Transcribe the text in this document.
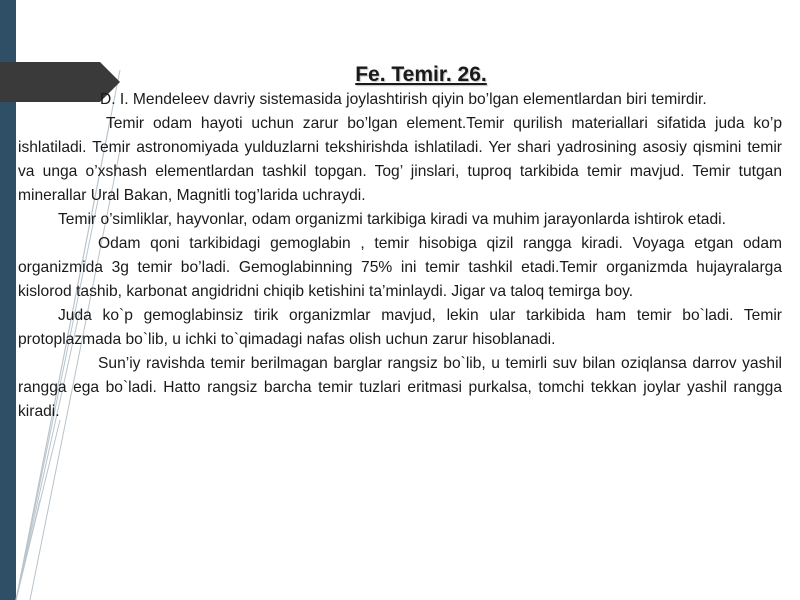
Fe. Temir. 26.

D. I. Mendeleev davriy sistemasida joylashtirish qiyin bo’lgan elementlardan biri temirdir.

Temir odam hayoti uchun zarur bo’lgan element.Temir qurilish materiallari sifatida juda ko’p ishlatiladi. Temir astronomiyada yulduzlarni tekshirishda ishlatiladi. Yer shari yadrosining asosiy qismini temir va unga o’xshash elementlardan tashkil topgan. Tog’ jinslari, tuproq tarkibida temir mavjud. Temir tutgan minerallar Ural Bakan, Magnitli tog’larida uchraydi.

Temir o’simliklar, hayvonlar, odam organizmi tarkibiga kiradi va muhim jarayonlarda ishtirok etadi.

Odam qoni tarkibidagi gemoglabin , temir hisobiga qizil rangga kiradi. Voyaga etgan odam organizmida 3g temir bo’ladi. Gemoglabinning 75% ini temir tashkil etadi.Temir organizmda hujayralarga kislorod tashib, karbonat angidridni chiqib ketishini ta’minlaydi. Jigar va taloq temirga boy.

Juda ko`p gemoglabinsiz tirik organizmlar mavjud, lekin ular tarkibida ham temir bo`ladi. Temir protoplazmada bo`lib, u ichki to`qimadagi nafas olish uchun zarur hisoblanadi.

Sun’iy ravishda temir berilmagan barglar rangsiz bo`lib, u temirli suv bilan oziqlansa darrov yashil rangga ega bo`ladi. Hatto rangsiz barcha temir tuzlari eritmasi purkalsa, tomchi tekkan joylar yashil rangga kiradi.
